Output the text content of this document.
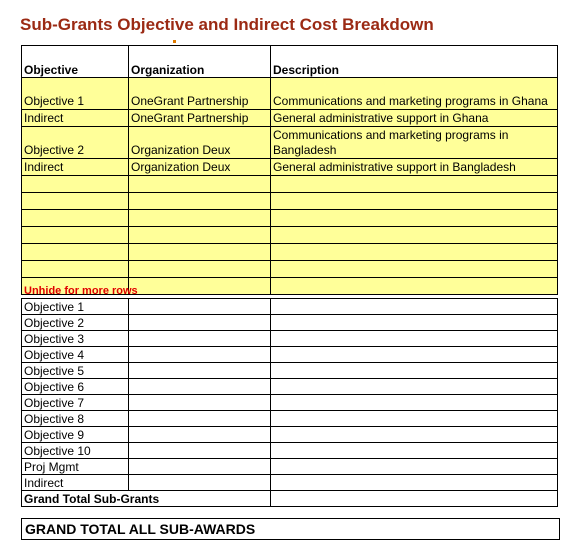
Sub-Grants Objective and Indirect Cost Breakdown
Objective	Organization	Description
Objective 1	OneGrant Partnership	Communications and marketing programs in Ghana
Indirect	OneGrant Partnership	General administrative support in Ghana
Objective 2	Organization Deux	Communications and marketing programs in Bangladesh
Indirect	Organization Deux	General administrative support in Bangladesh

Unhide for more rows
Objective 1		
Objective 2		
Objective 3		
Objective 4		
Objective 5		
Objective 6		
Objective 7		
Objective 8		
Objective 9		
Objective 10		
Proj Mgmt		
Indirect		
Grand Total Sub-Grants		
GRAND TOTAL ALL SUB-AWARDS
